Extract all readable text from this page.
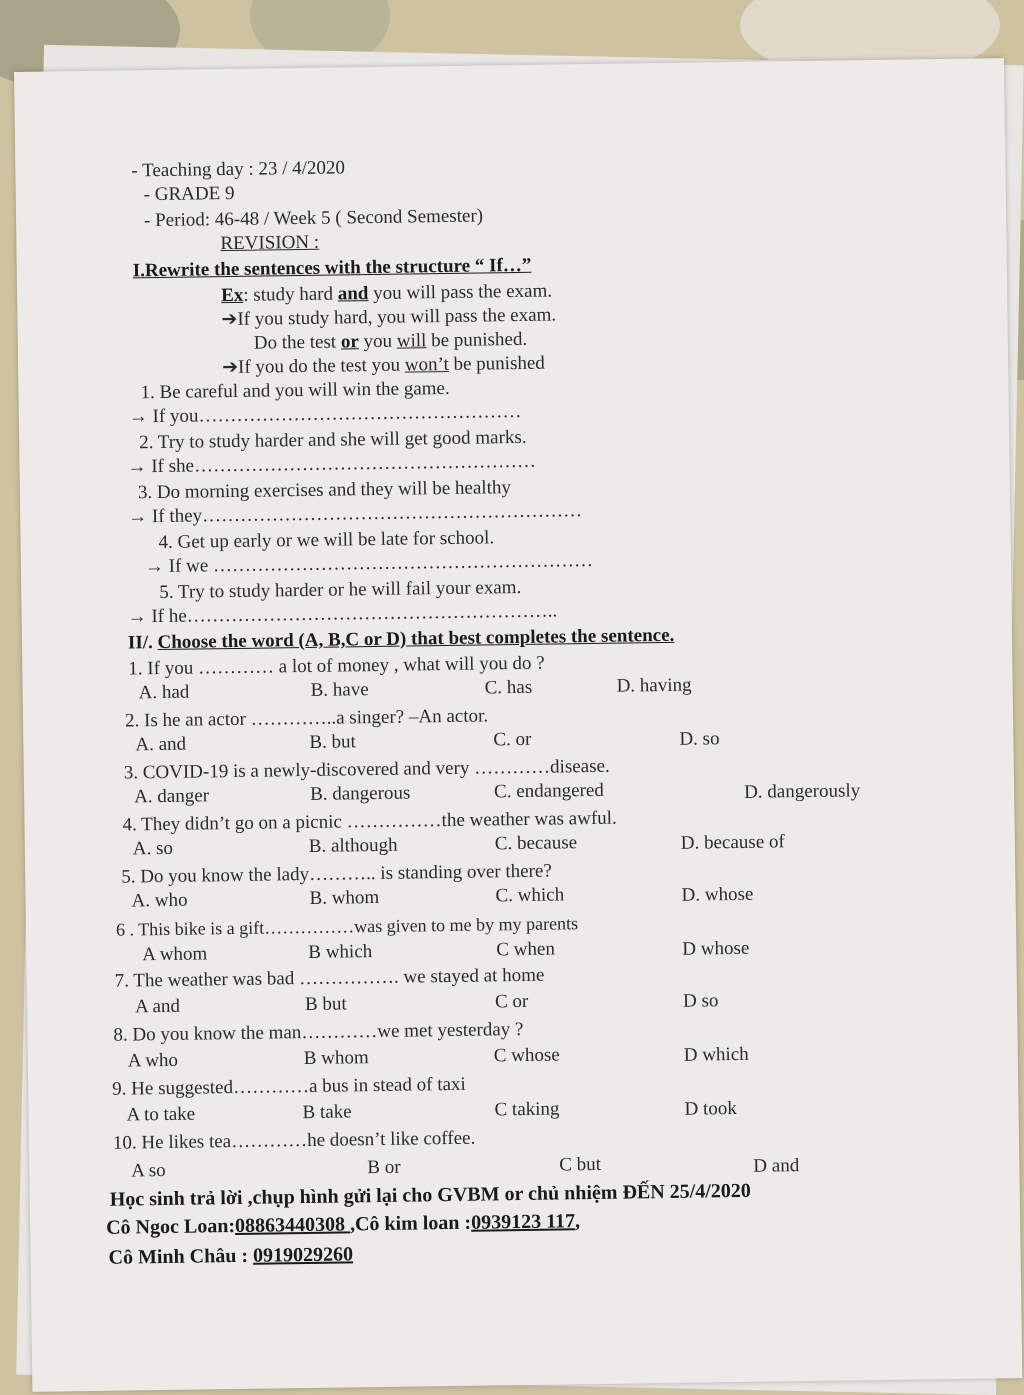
- Teaching day : 23 / 4/2020
- GRADE 9
- Period: 46-48 / Week 5 ( Second Semester)
REVISION :
I.Rewrite the sentences with the structure “ If…”
Ex: study hard and you will pass the exam.
➔If you study hard, you will pass the exam.
Do the test or you will be punished.
➔If you do the test you won’t be punished
1. Be careful and you will win the game.
→ If you……………………………………………
2. Try to study harder and she will get good marks.
→ If she………………………………………………
3. Do morning exercises and they will be healthy
→ If they……………………………………………………
4. Get up early or we will be late for school.
→ If we ……………………………………………………
5. Try to study harder or he will fail your exam.
→ If he…………………………………………………..
II/. Choose the word (A, B,C or D) that best completes the sentence.
1. If you ………… a lot of money , what will you do ?
A. had	B. have	C. has	D. having
2. Is he an actor …………..a singer? –An actor.
A. and	B. but	C. or	D. so
3. COVID-19 is a newly-discovered and very …………disease.
A. danger	B. dangerous	C. endangered	D. dangerously
4. They didn’t go on a picnic ……………the weather was awful.
A. so	B. although	C. because	D. because of
5. Do you know the lady……….. is standing over there?
A. who	B. whom	C. which	D. whose
6 . This bike is a gift……………was given to me by my parents
A whom	B which	C when	D whose
7. The weather was bad ……………. we stayed at home
A and	B but	C or	D so
8. Do you know the man…………we met yesterday ?
A who	B whom	C whose	D which
9. He suggested…………a bus in stead of taxi
A to take	B take	C taking	D took
10. He likes tea…………he doesn’t like coffee.
A so	B or	C but	D and
Học sinh trả lời ,chụp hình gửi lại cho GVBM or chủ nhiệm ĐẾN 25/4/2020
Cô Ngoc Loan:08863440308 ,Cô kim loan :0939123 117,
Cô Minh Châu : 0919029260
